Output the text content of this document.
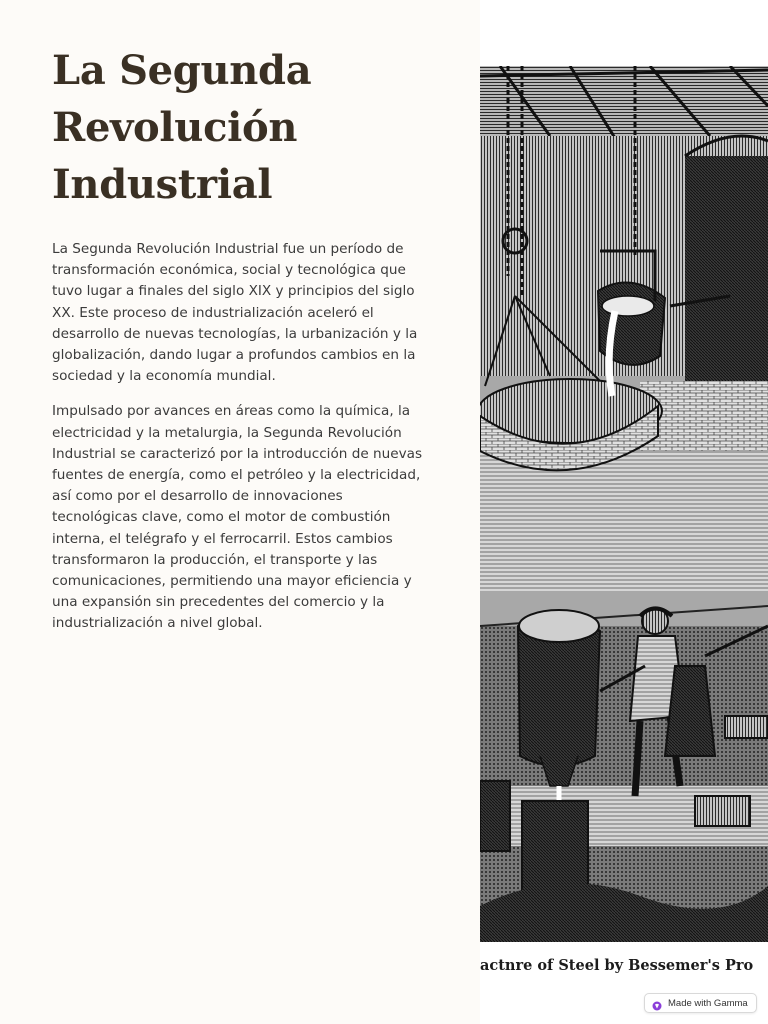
La Segunda
Revolución
Industrial

La Segunda Revolución Industrial fue un período de transformación económica, social y tecnológica que tuvo lugar a finales del siglo XIX y principios del siglo XX. Este proceso de industrialización aceleró el desarrollo de nuevas tecnologías, la urbanización y la globalización, dando lugar a profundos cambios en la sociedad y la economía mundial.

Impulsado por avances en áreas como la química, la electricidad y la metalurgia, la Segunda Revolución Industrial se caracterizó por la introducción de nuevas fuentes de energía, como el petróleo y la electricidad, así como por el desarrollo de innovaciones tecnológicas clave, como el motor de combustión interna, el telégrafo y el ferrocarril. Estos cambios transformaron la producción, el transporte y las comunicaciones, permitiendo una mayor eficiencia y una expansión sin precedentes del comercio y la industrialización a nivel global.

actnre of Steel by Bessemer's Pro
Made with Gamma
